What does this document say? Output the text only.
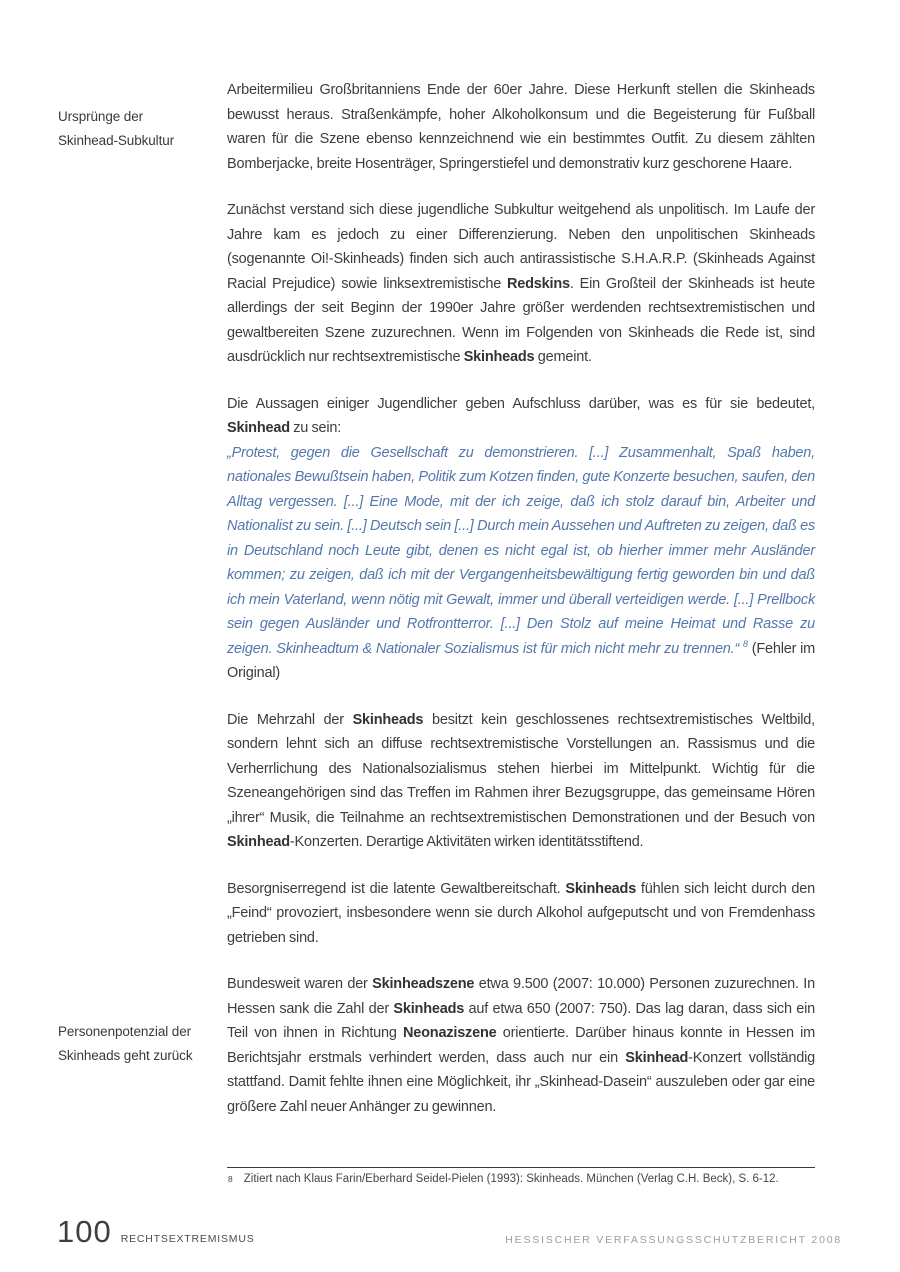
Ursprünge der
Skinhead-Subkultur
Personenpotenzial der
Skinheads geht zurück

Arbeitermilieu Großbritanniens Ende der 60er Jahre. Diese Herkunft stellen die Skinheads bewusst heraus. Straßenkämpfe, hoher Alkoholkonsum und die Begeisterung für Fußball waren für die Szene ebenso kennzeichnend wie ein bestimmtes Outfit. Zu diesem zählten Bomberjacke, breite Hosenträger, Springerstiefel und demonstrativ kurz geschorene Haare.

Zunächst verstand sich diese jugendliche Subkultur weitgehend als unpolitisch. Im Laufe der Jahre kam es jedoch zu einer Differenzierung. Neben den unpolitischen Skinheads (sogenannte Oi!-Skinheads) finden sich auch antirassistische S.H.A.R.P. (Skinheads Against Racial Prejudice) sowie linksextremistische Redskins. Ein Großteil der Skinheads ist heute allerdings der seit Beginn der 1990er Jahre größer werdenden rechtsextremistischen und gewaltbereiten Szene zuzurechnen. Wenn im Folgenden von Skinheads die Rede ist, sind ausdrücklich nur rechtsextremistische Skinheads gemeint.

Die Aussagen einiger Jugendlicher geben Aufschluss darüber, was es für sie bedeutet, Skinhead zu sein:
„Protest, gegen die Gesellschaft zu demonstrieren. [...] Zusammenhalt, Spaß haben, nationales Bewußtsein haben, Politik zum Kotzen finden, gute Konzerte besuchen, saufen, den Alltag vergessen. [...] Eine Mode, mit der ich zeige, daß ich stolz darauf bin, Arbeiter und Nationalist zu sein. [...] Deutsch sein [...] Durch mein Aussehen und Auftreten zu zeigen, daß es in Deutschland noch Leute gibt, denen es nicht egal ist, ob hierher immer mehr Ausländer kommen; zu zeigen, daß ich mit der Vergangenheitsbewältigung fertig geworden bin und daß ich mein Vaterland, wenn nötig mit Gewalt, immer und überall verteidigen werde. [...] Prellbock sein gegen Ausländer und Rotfrontterror. [...] Den Stolz auf meine Heimat und Rasse zu zeigen. Skinheadtum & Nationaler Sozialismus ist für mich nicht mehr zu trennen.“ $^8$ (Fehler im Original)

Die Mehrzahl der Skinheads besitzt kein geschlossenes rechtsextremistisches Weltbild, sondern lehnt sich an diffuse rechtsextremistische Vorstellungen an. Rassismus und die Verherrlichung des Nationalsozialismus stehen hierbei im Mittelpunkt. Wichtig für die Szeneangehörigen sind das Treffen im Rahmen ihrer Bezugsgruppe, das gemeinsame Hören „ihrer“ Musik, die Teilnahme an rechtsextremistischen Demonstrationen und der Besuch von Skinhead-Konzerten. Derartige Aktivitäten wirken identitätsstiftend.

Besorgniserregend ist die latente Gewaltbereitschaft. Skinheads fühlen sich leicht durch den „Feind“ provoziert, insbesondere wenn sie durch Alkohol aufgeputscht und von Fremdenhass getrieben sind.

Bundesweit waren der Skinheadszene etwa 9.500 (2007: 10.000) Personen zuzurechnen. In Hessen sank die Zahl der Skinheads auf etwa 650 (2007: 750). Das lag daran, dass sich ein Teil von ihnen in Richtung Neonaziszene orientierte. Darüber hinaus konnte in Hessen im Berichtsjahr erstmals verhindert werden, dass auch nur ein Skinhead-Konzert vollständig stattfand. Damit fehlte ihnen eine Möglichkeit, ihr „Skinhead-Dasein“ auszuleben oder gar eine größere Zahl neuer Anhänger zu gewinnen.

$^8$ Zitiert nach Klaus Farin/Eberhard Seidel-Pielen (1993): Skinheads. München (Verlag C.H. Beck), S. 6-12.
100 RECHTSEXTREMISMUS	HESSISCHER VERFASSUNGSSCHUTZBERICHT 2008
